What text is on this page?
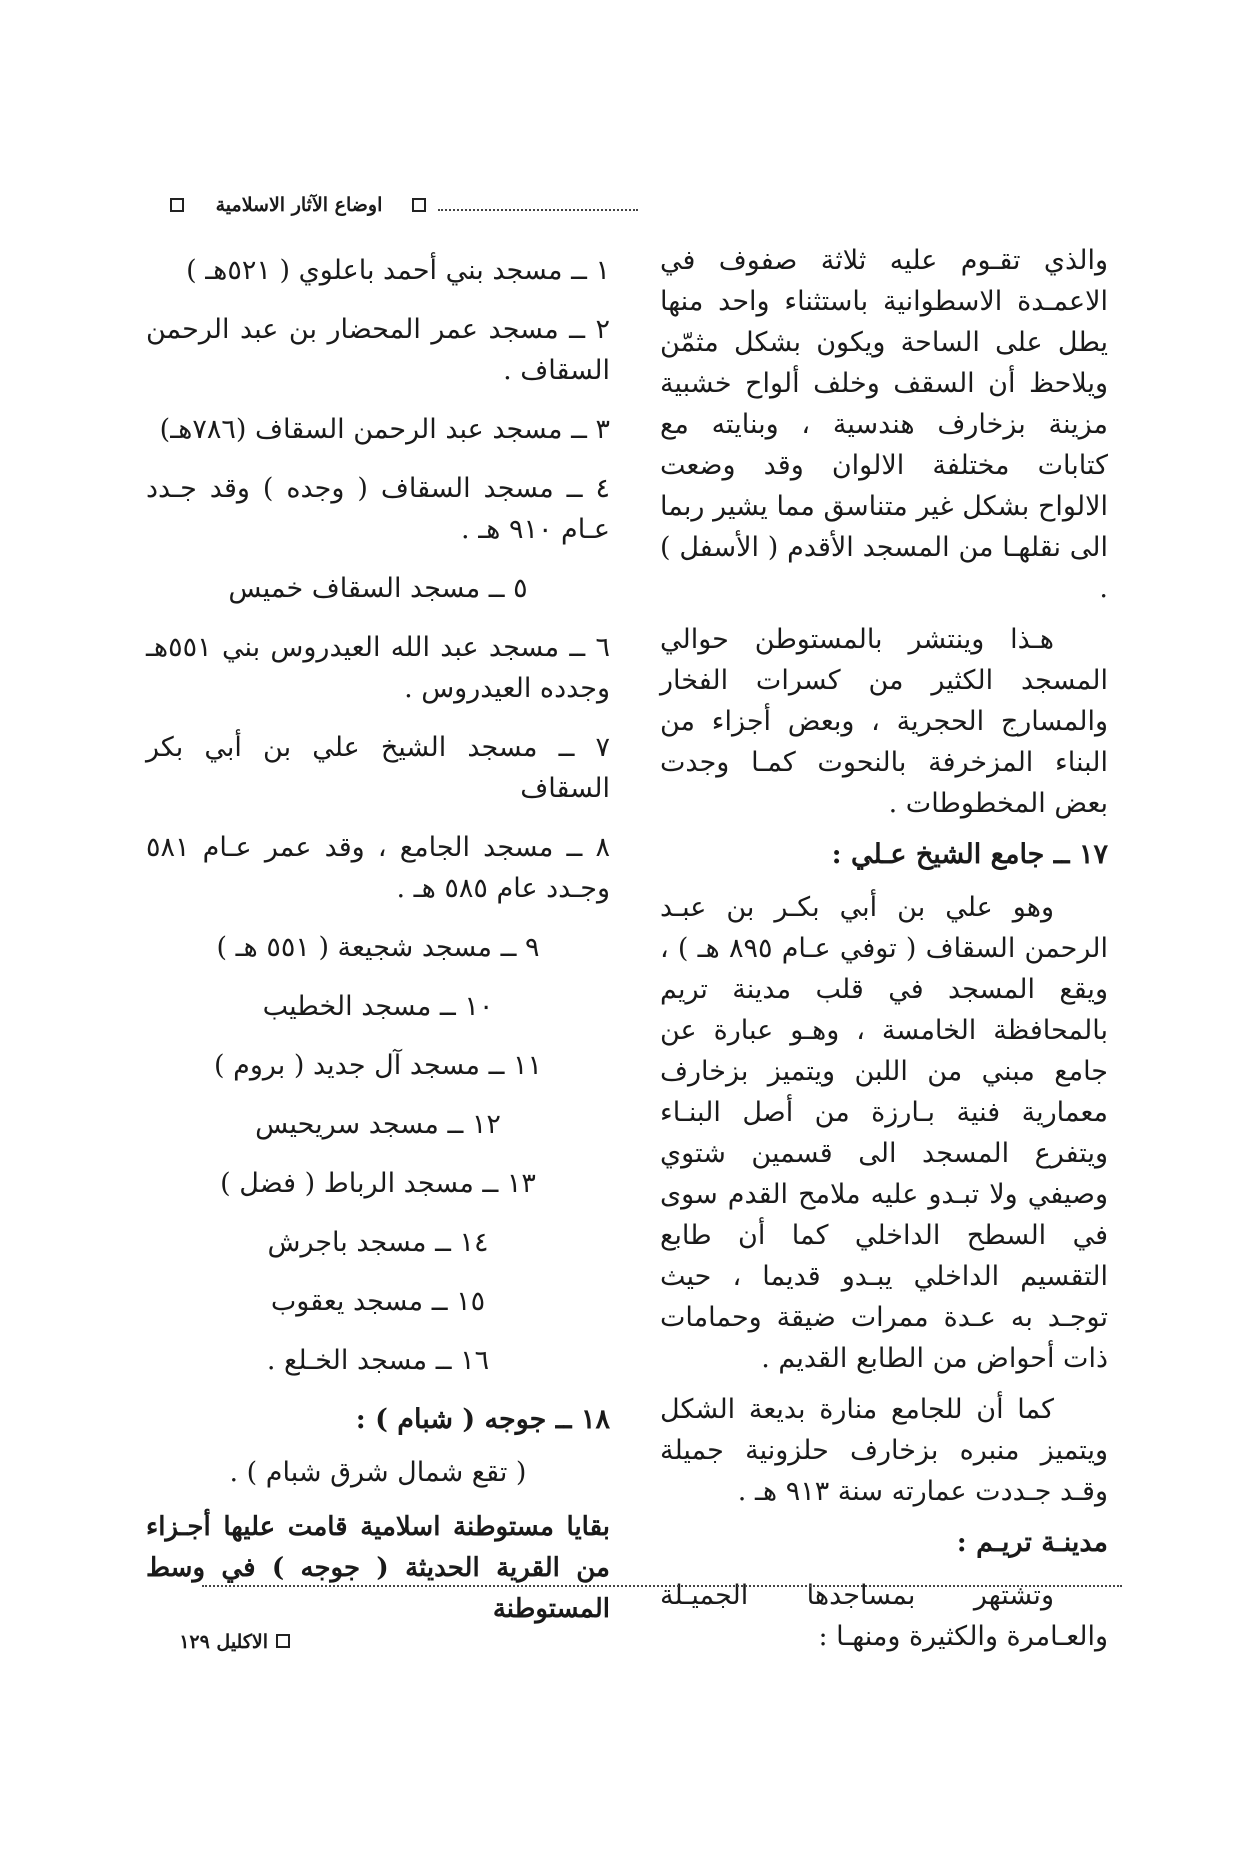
اوضاع الآثار الاسلامية

والذي تقـوم عليه ثلاثة صفوف في الاعمـدة الاسطوانية باستثناء واحد منها يطل على الساحة ويكون بشكل مثمّن ويلاحظ أن السقف وخلف ألواح خشبية مزينة بزخارف هندسية ، وبنايته مع كتابات مختلفة الالوان وقد وضعت الالواح بشكل غير متناسق مما يشير ربما الى نقلهـا من المسجد الأقدم ( الأسفل ) .

هـذا وينتشر بالمستوطن حوالي المسجد الكثير من كسرات الفخار والمسارج الحجرية ، وبعض أجزاء من البناء المزخرفة بالنحوت كمـا وجدت بعض المخطوطات .

١٧ ــ جامع الشيخ عـلي :

وهو علي بن أبي بكـر بن عبـد الرحمن السقاف ( توفي عـام ٨٩٥ هـ ) ، ويقع المسجد في قلب مدينة تريم بالمحافظة الخامسة ، وهـو عبارة عن جامع مبني من اللبن ويتميز بزخارف معمارية فنية بـارزة من أصل البنـاء ويتفرع المسجد الى قسمين شتوي وصيفي ولا تبـدو عليه ملامح القدم سوى في السطح الداخلي كما أن طابع التقسيم الداخلي يبـدو قديما ، حيث توجـد به عـدة ممرات ضيقة وحمامات ذات أحواض من الطابع القديم .

كما أن للجامع منارة بديعة الشكل ويتميز منبره بزخارف حلزونية جميلة وقـد جـددت عمارته سنة ٩١٣ هـ .

مدينـة تريـم :

وتشتهر بمساجدها الجميـلة والعـامرة والكثيرة ومنهـا :

١ ــ مسجد بني أحمد باعلوي ( ٥٢١هـ )
٢ ــ مسجد عمر المحضار بن عبد الرحمن السقاف .
٣ ــ مسجد عبد الرحمن السقاف (٧٨٦هـ)
٤ ــ مسجد السقاف ( وجده ) وقد جـدد عـام ٩١٠ هـ .
٥ ــ مسجد السقاف خميس
٦ ــ مسجد عبد الله العيدروس بني ٥٥١هـ وجدده العيدروس .
٧ ــ مسجد الشيخ علي بن أبي بكر السقاف
٨ ــ مسجد الجامع ، وقد عمر عـام ٥٨١ وجـدد عام ٥٨٥ هـ .
٩ ــ مسجد شجيعة ( ٥٥١ هـ )
١٠ ــ مسجد الخطيب
١١ ــ مسجد آل جديد ( بروم )
١٢ ــ مسجد سريحيس
١٣ ــ مسجد الرباط ( فضل )
١٤ ــ مسجد باجرش
١٥ ــ مسجد يعقوب
١٦ ــ مسجد الخـلع .
١٨ ــ جوجه ( شبام ) :
( تقع شمال شرق شبام ) .

بقايا مستوطنة اسلامية قامت عليها أجـزاء من القرية الحديثة ( جوجه ) في وسط المستوطنة

الاكليل ١٢٩
